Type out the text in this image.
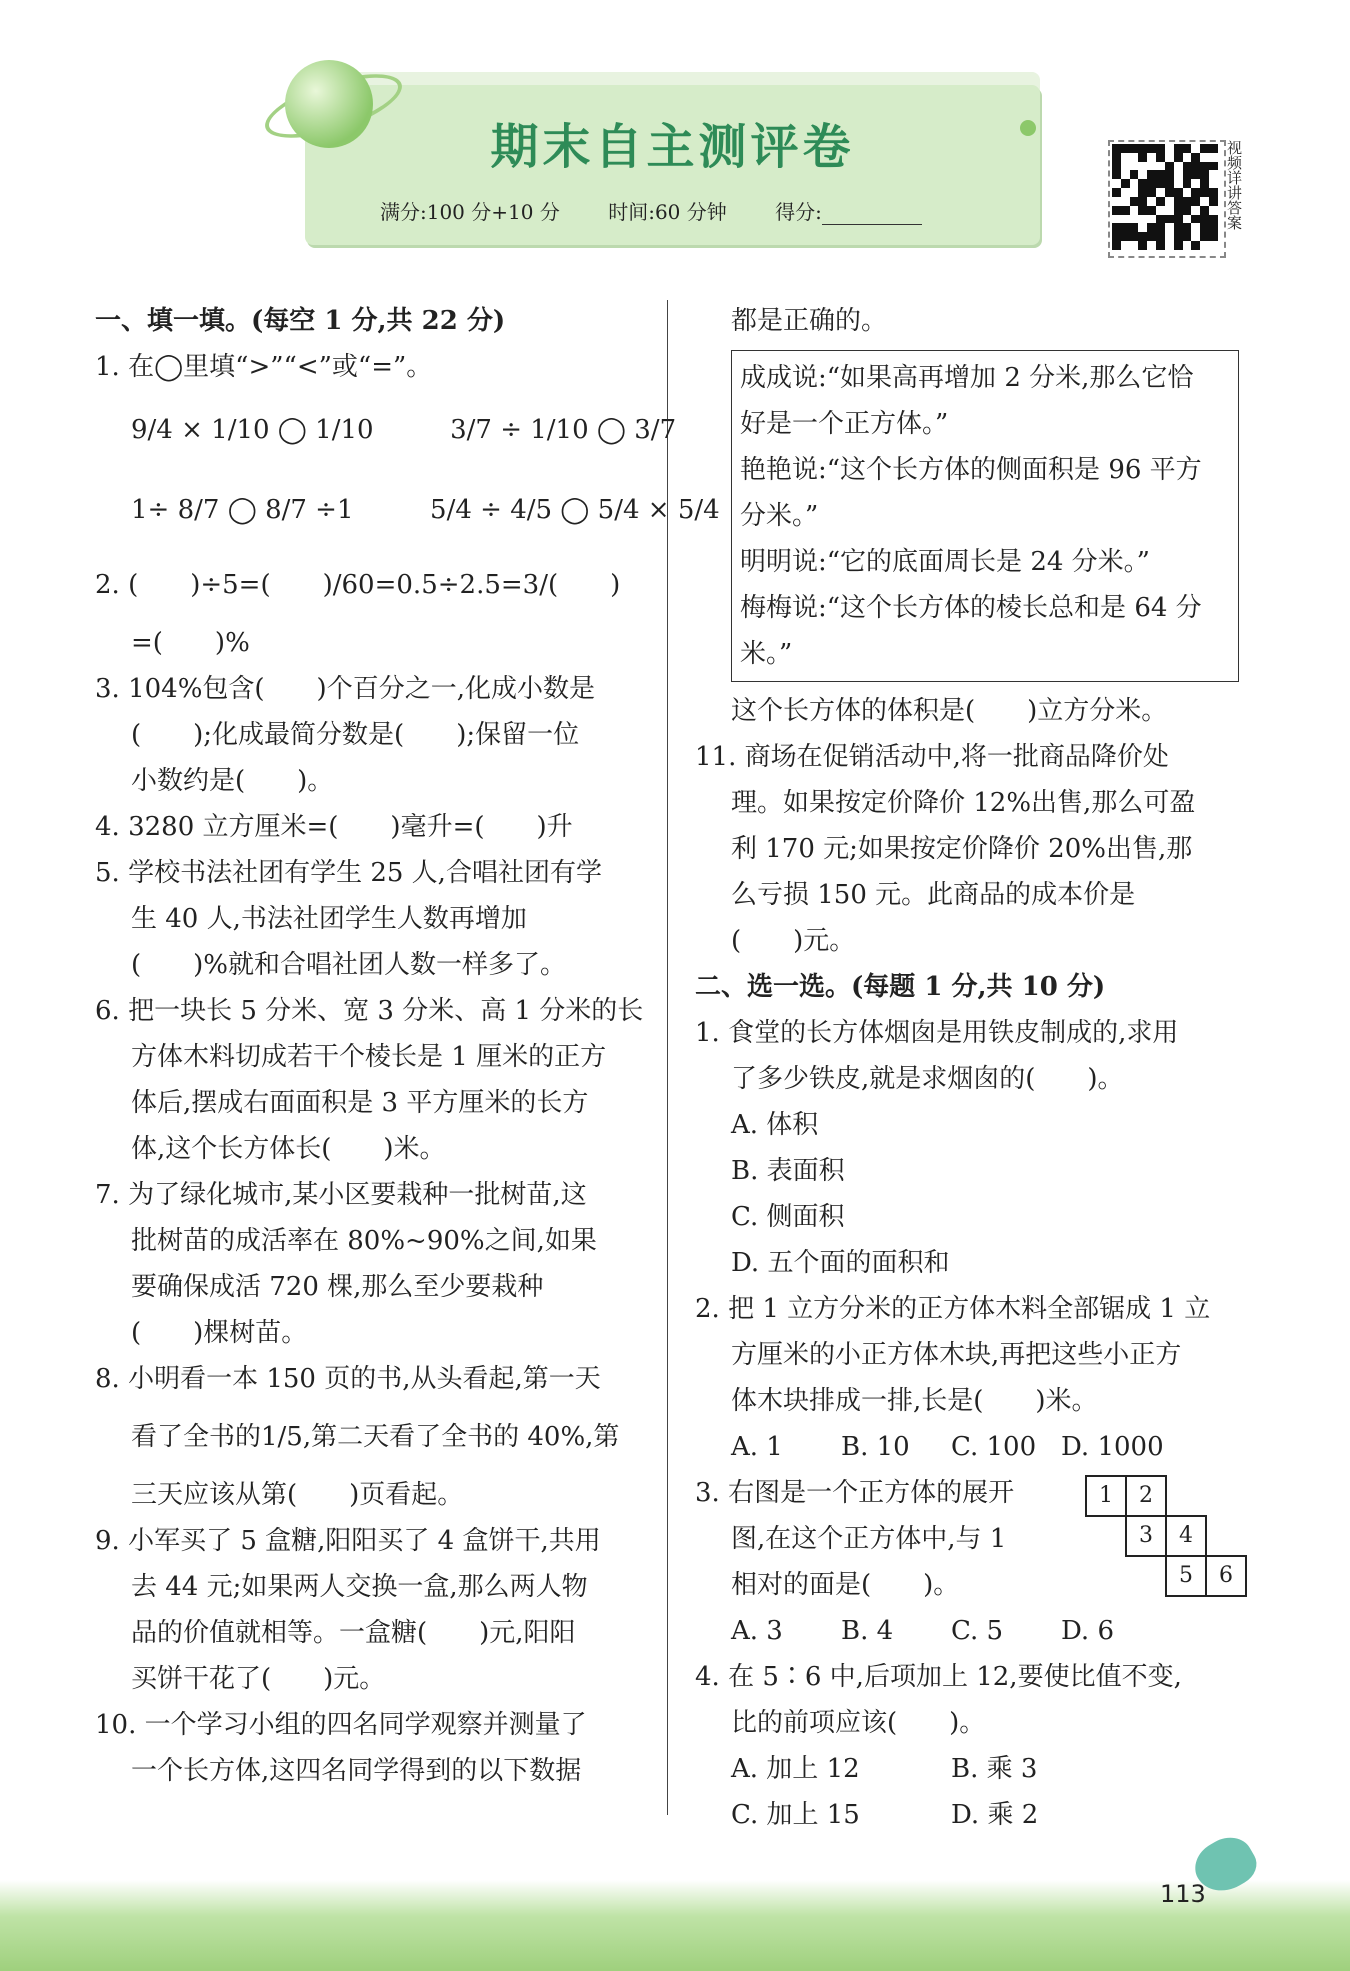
期末自主测评卷
满分:100 分+10 分 时间:60 分钟 得分:	视频详讲答案
一、填一填。(每空 1 分,共 22 分)
1. 在◯里填“>”“<”或“=”。
9/4 × 1/10 ◯ 1/10	3/7 ÷ 1/10 ◯ 3/7
1÷ 8/7 ◯ 8/7 ÷1	5/4 ÷ 4/5 ◯ 5/4 × 5/4
2. (　　)÷5=(　　)/60=0.5÷2.5=3/(　　)
=(　　)%
3. 104%包含(　　)个百分之一,化成小数是
(　　);化成最简分数是(　　);保留一位
小数约是(　　)。
4. 3280 立方厘米=(　　)毫升=(　　)升
5. 学校书法社团有学生 25 人,合唱社团有学
生 40 人,书法社团学生人数再增加
(　　)%就和合唱社团人数一样多了。
6. 把一块长 5 分米、宽 3 分米、高 1 分米的长
方体木料切成若干个棱长是 1 厘米的正方
体后,摆成右面面积是 3 平方厘米的长方
体,这个长方体长(　　)米。
7. 为了绿化城市,某小区要栽种一批树苗,这
批树苗的成活率在 80%~90%之间,如果
要确保成活 720 棵,那么至少要栽种
(　　)棵树苗。
8. 小明看一本 150 页的书,从头看起,第一天
看了全书的1/5,第二天看了全书的 40%,第
三天应该从第(　　)页看起。
9. 小军买了 5 盒糖,阳阳买了 4 盒饼干,共用
去 44 元;如果两人交换一盒,那么两人物
品的价值就相等。一盒糖(　　)元,阳阳
买饼干花了(　　)元。
10. 一个学习小组的四名同学观察并测量了
一个长方体,这四名同学得到的以下数据
都是正确的。
成成说:“如果高再增加 2 分米,那么它恰
好是一个正方体。”
艳艳说:“这个长方体的侧面积是 96 平方
分米。”
明明说:“它的底面周长是 24 分米。”
梅梅说:“这个长方体的棱长总和是 64 分
米。”
这个长方体的体积是(　　)立方分米。
11. 商场在促销活动中,将一批商品降价处
理。如果按定价降价 12%出售,那么可盈
利 170 元;如果按定价降价 20%出售,那
么亏损 150 元。此商品的成本价是
(　　)元。
二、选一选。(每题 1 分,共 10 分)
1. 食堂的长方体烟囱是用铁皮制成的,求用
了多少铁皮,就是求烟囱的(　　)。
A. 体积
B. 表面积
C. 侧面积
D. 五个面的面积和
2. 把 1 立方分米的正方体木料全部锯成 1 立
方厘米的小正方体木块,再把这些小正方
体木块排成一排,长是(　　)米。
A. 1 B. 10 C. 100 D. 1000
3. 右图是一个正方体的展开
图,在这个正方体中,与 1
相对的面是(　　)。
A. 3 B. 4 C. 5 D. 6
4. 在 5∶6 中,后项加上 12,要使比值不变,
比的前项应该(　　)。
A. 加上 12	B. 乘 3
C. 加上 15	D. 乘 2
1	2
3	4
5	6
113
